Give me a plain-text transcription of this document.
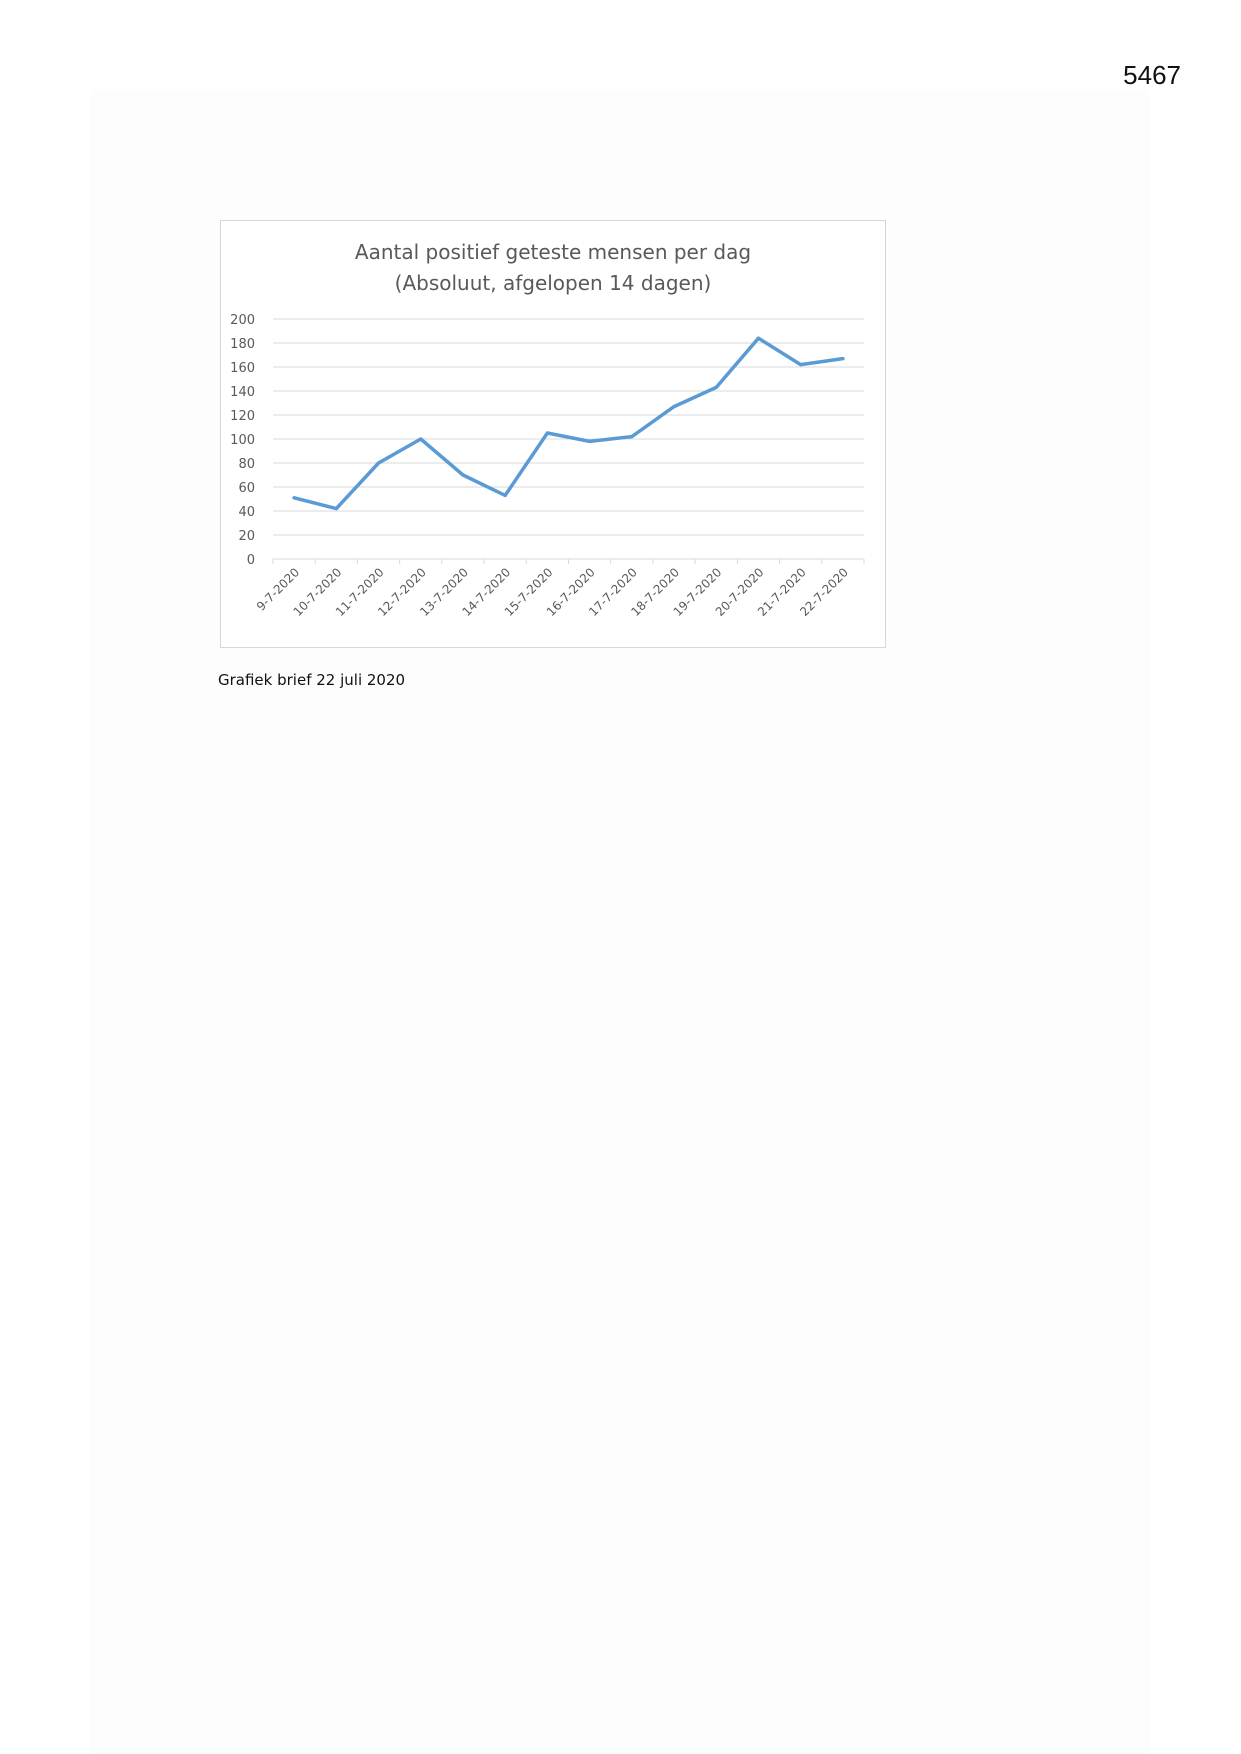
5467
Aantal positief geteste mensen per dag
(Absoluut, afgelopen 14 dagen)
0
20
40
60
80
100
120
140
160
180
200
9-7-2020
10-7-2020
11-7-2020
12-7-2020
13-7-2020
14-7-2020
15-7-2020
16-7-2020
17-7-2020
18-7-2020
19-7-2020
20-7-2020
21-7-2020
22-7-2020
Grafiek brief 22 juli 2020
